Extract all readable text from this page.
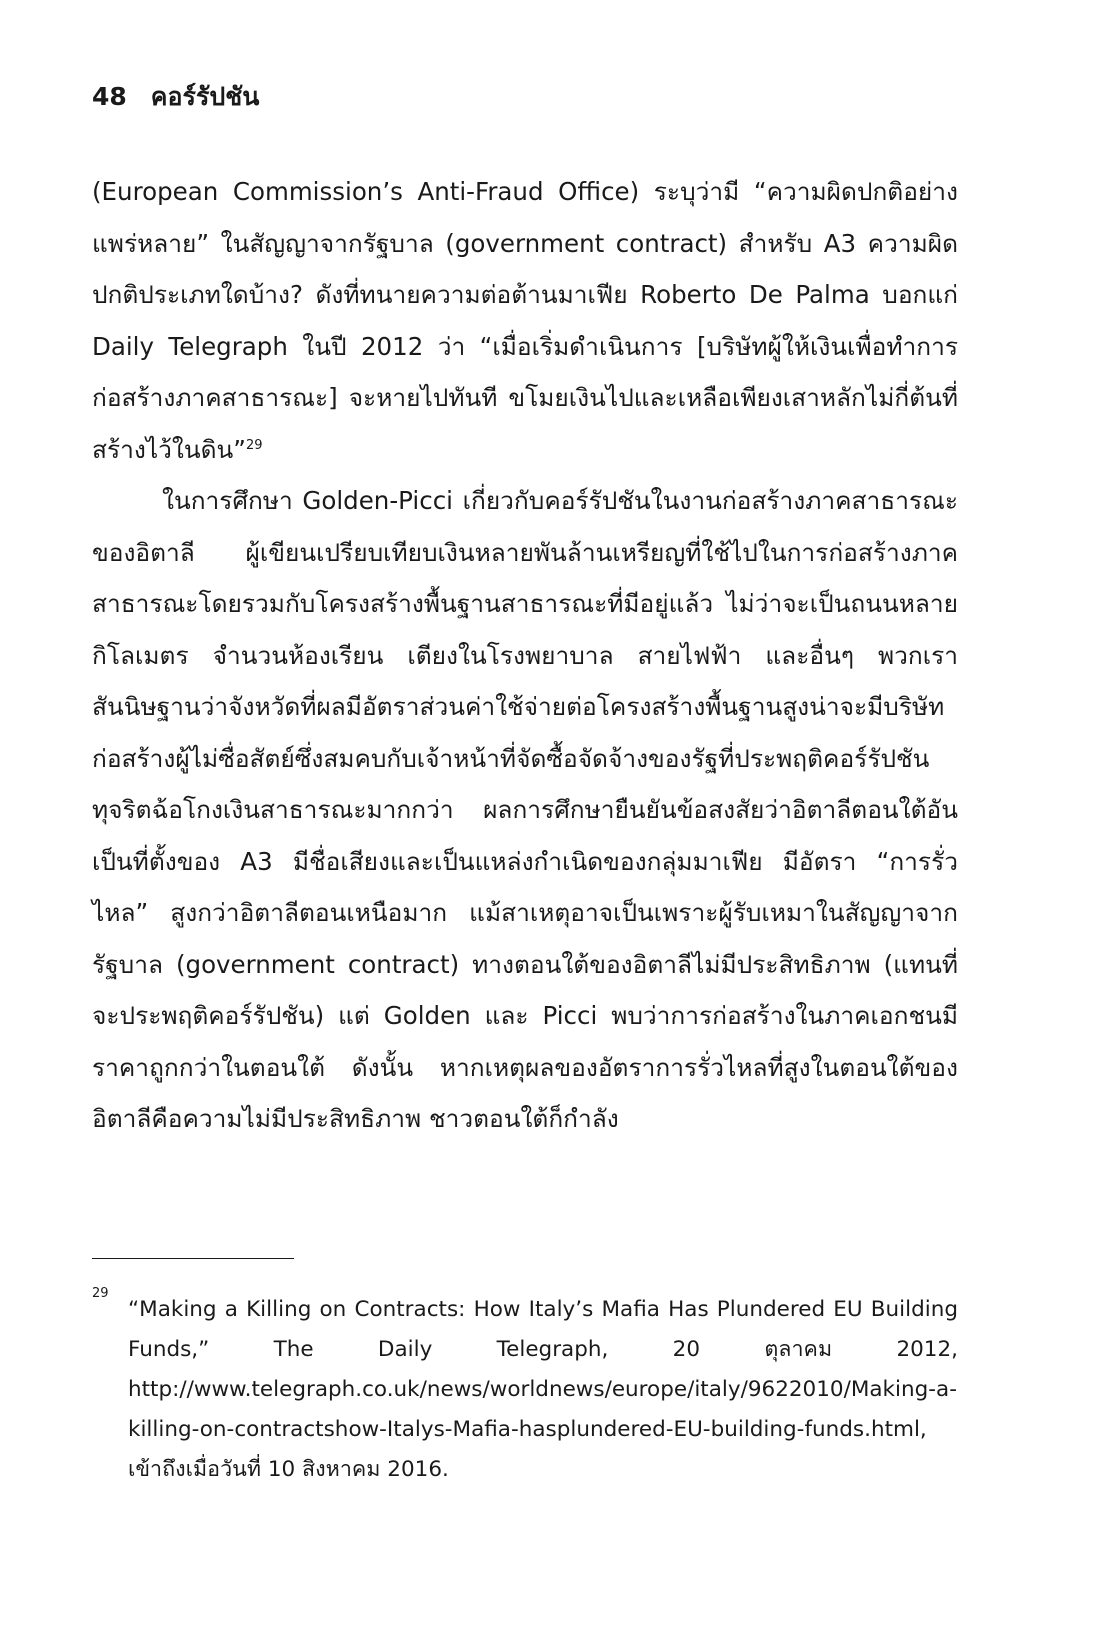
48 คอร์รัปชัน

(European Commission’s Anti-Fraud Office) ระบุว่ามี “ความผิดปกติอย่างแพร่หลาย” ในสัญญาจากรัฐบาล (government contract) สำหรับ A3 ความผิดปกติประเภทใดบ้าง? ดังที่ทนายความต่อต้านมาเฟีย Roberto De Palma บอกแก่ Daily Telegraph ในปี 2012 ว่า “เมื่อเริ่มดำเนินการ [บริษัทผู้ให้เงินเพื่อทำการก่อสร้างภาคสาธารณะ] จะหายไปทันที ขโมยเงินไปและเหลือเพียงเสาหลักไม่กี่ต้นที่สร้างไว้ในดิน”$^{29}$

ในการศึกษา Golden-Picci เกี่ยวกับคอร์รัปชันในงานก่อสร้างภาคสาธารณะของอิตาลี ผู้เขียนเปรียบเทียบเงินหลายพันล้านเหรียญที่ใช้ไปในการก่อสร้างภาคสาธารณะโดยรวมกับโครงสร้างพื้นฐานสาธารณะที่มีอยู่แล้ว ไม่ว่าจะเป็นถนนหลายกิโลเมตร จำนวนห้องเรียน เตียงในโรงพยาบาล สายไฟฟ้า และอื่นๆ พวกเราสันนิษฐานว่าจังหวัดที่ผลมีอัตราส่วนค่าใช้จ่ายต่อโครงสร้างพื้นฐานสูงน่าจะมีบริษัทก่อสร้างผู้ไม่ซื่อสัตย์ซึ่งสมคบกับเจ้าหน้าที่จัดซื้อจัดจ้างของรัฐที่ประพฤติคอร์รัปชันทุจริตฉ้อโกงเงินสาธารณะมากกว่า ผลการศึกษายืนยันข้อสงสัยว่าอิตาลีตอนใต้อันเป็นที่ตั้งของ A3 มีชื่อเสียงและเป็นแหล่งกำเนิดของกลุ่มมาเฟีย มีอัตรา “การรั่วไหล” สูงกว่าอิตาลีตอนเหนือมาก แม้สาเหตุอาจเป็นเพราะผู้รับเหมาในสัญญาจากรัฐบาล (government contract) ทางตอนใต้ของอิตาลีไม่มีประสิทธิภาพ (แทนที่จะประพฤติคอร์รัปชัน) แต่ Golden และ Picci พบว่าการก่อสร้างในภาคเอกชนมีราคาถูกกว่าในตอนใต้ ดังนั้น หากเหตุผลของอัตราการรั่วไหลที่สูงในตอนใต้ของอิตาลีคือความไม่มีประสิทธิภาพ ชาวตอนใต้ก็กำลัง

29
“Making a Killing on Contracts: How Italy’s Mafia Has Plundered EU Building Funds,” The Daily Telegraph, 20 ตุลาคม 2012, http://www.telegraph.co.uk/news/worldnews/europe/italy/9622010/Making-a-killing-on-contractshow-Italys-Mafia-hasplundered-EU-building-funds.html, เข้าถึงเมื่อวันที่ 10 สิงหาคม 2016.
